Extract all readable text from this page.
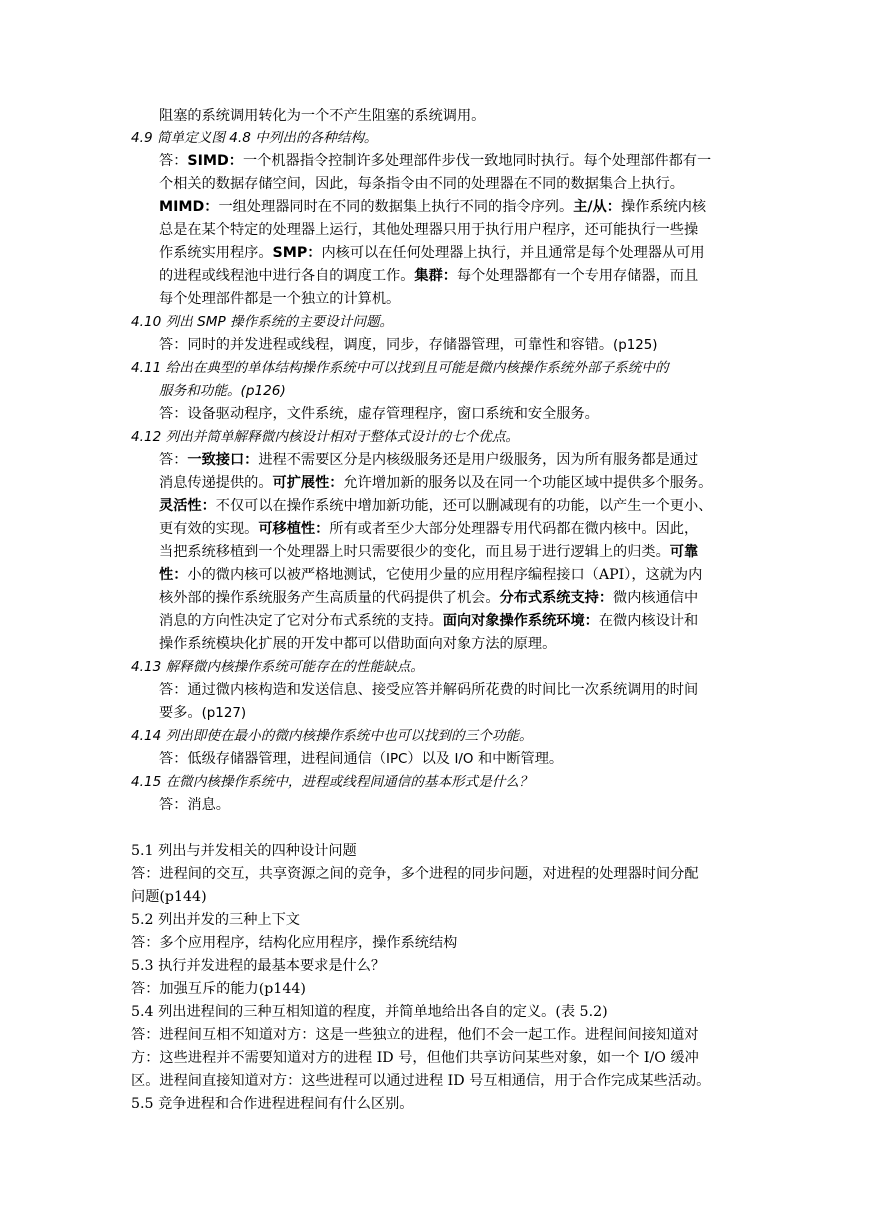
阻塞的系统调用转化为一个不产生阻塞的系统调用。
4.9 简单定义图 4.8 中列出的各种结构。
答：SIMD：一个机器指令控制许多处理部件步伐一致地同时执行。每个处理部件都有一
个相关的数据存储空间，因此，每条指令由不同的处理器在不同的数据集合上执行。
MIMD：一组处理器同时在不同的数据集上执行不同的指令序列。主/从：操作系统内核
总是在某个特定的处理器上运行，其他处理器只用于执行用户程序，还可能执行一些操
作系统实用程序。SMP：内核可以在任何处理器上执行，并且通常是每个处理器从可用
的进程或线程池中进行各自的调度工作。集群：每个处理器都有一个专用存储器，而且
每个处理部件都是一个独立的计算机。
4.10 列出 SMP 操作系统的主要设计问题。
答：同时的并发进程或线程，调度，同步，存储器管理，可靠性和容错。(p125)
4.11 给出在典型的单体结构操作系统中可以找到且可能是微内核操作系统外部子系统中的
服务和功能。(p126)
答：设备驱动程序，文件系统，虚存管理程序，窗口系统和安全服务。
4.12 列出并简单解释微内核设计相对于整体式设计的七个优点。
答：一致接口：进程不需要区分是内核级服务还是用户级服务，因为所有服务都是通过
消息传递提供的。可扩展性：允许增加新的服务以及在同一个功能区域中提供多个服务。
灵活性：不仅可以在操作系统中增加新功能，还可以删减现有的功能，以产生一个更小、
更有效的实现。可移植性：所有或者至少大部分处理器专用代码都在微内核中。因此，
当把系统移植到一个处理器上时只需要很少的变化，而且易于进行逻辑上的归类。可靠
性：小的微内核可以被严格地测试，它使用少量的应用程序编程接口（API），这就为内
核外部的操作系统服务产生高质量的代码提供了机会。分布式系统支持：微内核通信中
消息的方向性决定了它对分布式系统的支持。面向对象操作系统环境：在微内核设计和
操作系统模块化扩展的开发中都可以借助面向对象方法的原理。
4.13 解释微内核操作系统可能存在的性能缺点。
答：通过微内核构造和发送信息、接受应答并解码所花费的时间比一次系统调用的时间
要多。(p127)
4.14 列出即使在最小的微内核操作系统中也可以找到的三个功能。
答：低级存储器管理，进程间通信（IPC）以及 I/O 和中断管理。
4.15 在微内核操作系统中，进程或线程间通信的基本形式是什么？
答：消息。
5.1 列出与并发相关的四种设计问题
答：进程间的交互，共享资源之间的竞争，多个进程的同步问题，对进程的处理器时间分配
问题(p144)
5.2 列出并发的三种上下文
答：多个应用程序，结构化应用程序，操作系统结构
5.3 执行并发进程的最基本要求是什么？
答：加强互斥的能力(p144)
5.4 列出进程间的三种互相知道的程度，并简单地给出各自的定义。(表 5.2)
答：进程间互相不知道对方：这是一些独立的进程，他们不会一起工作。进程间间接知道对
方：这些进程并不需要知道对方的进程 ID 号，但他们共享访问某些对象，如一个 I/O 缓冲
区。进程间直接知道对方：这些进程可以通过进程 ID 号互相通信，用于合作完成某些活动。
5.5 竞争进程和合作进程进程间有什么区别。
